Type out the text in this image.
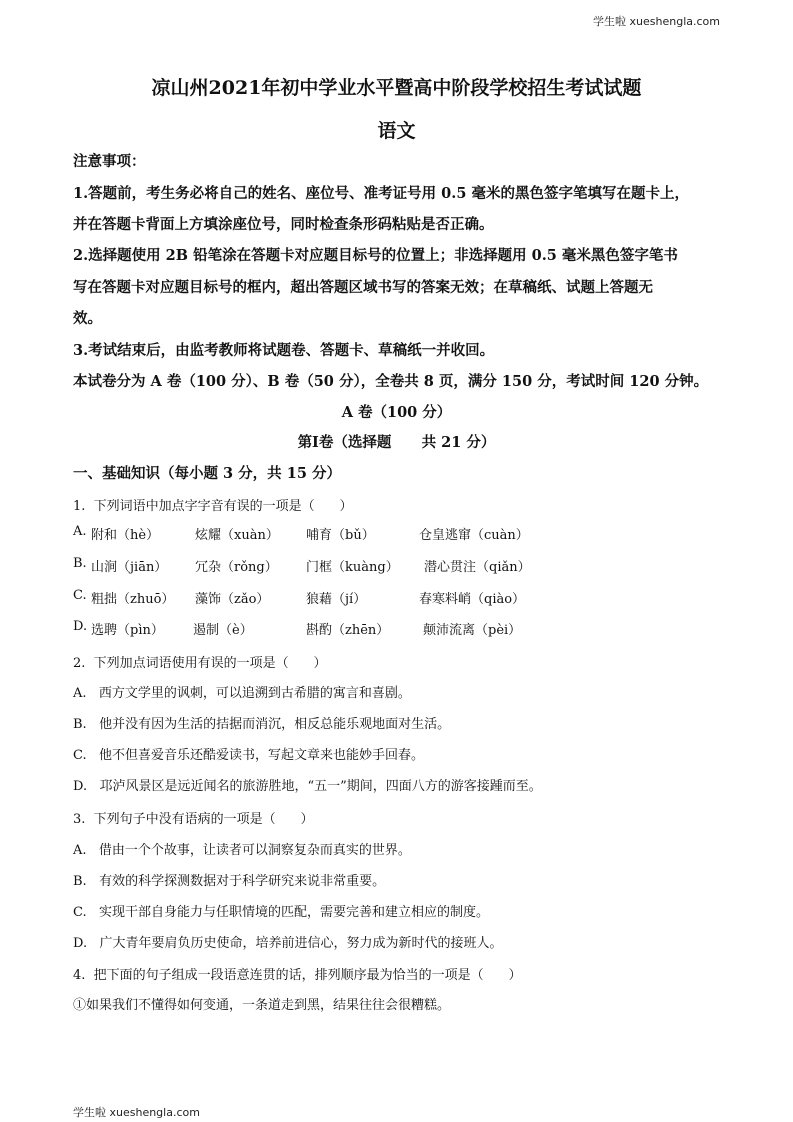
学生啦 xueshengla.com
学生啦 xueshengla.com
凉山州2021年初中学业水平暨高中阶段学校招生考试试题
语文
注意事项：
1.答题前，考生务必将自己的姓名、座位号、准考证号用 0.5 毫米的黑色签字笔填写在题卡上，
并在答题卡背面上方填涂座位号，同时检查条形码粘贴是否正确。
2.选择题使用 2B 铅笔涂在答题卡对应题目标号的位置上；非选择题用 0.5 毫米黑色签字笔书
写在答题卡对应题目标号的框内，超出答题区域书写的答案无效；在草稿纸、试题上答题无
效。
3.考试结束后，由监考教师将试题卷、答题卡、草稿纸一并收回。
本试卷分为 A 卷（100 分）、B 卷（50 分），全卷共 8 页，满分 150 分，考试时间 120 分钟。
A 卷（100 分）
第Ⅰ卷（选择题      共 21 分）
一、基础知识（每小题 3 分，共 15 分）
1.  下列词语中加点字字音有误的一项是（      ）
A. 附和（hè）	炫耀（xuàn） 哺育（bǔ）	仓皇逃窜（cuàn）
B. 山涧（jiān） 冗杂（rǒng） 门框（kuàng） 潜心贯注（qiǎn）
C. 粗拙（zhuō） 藻饰（zǎo）	狼藉（jí）	春寒料峭（qiào）
D. 选聘（pìn） 遏制（è）	斟酌（zhēn）	颠沛流离（pèi）
2.  下列加点词语使用有误的一项是（      ）
A.   西方文学里的讽刺，可以追溯到古希腊的寓言和喜剧。
B.   他并没有因为生活的拮据而消沉，相反总能乐观地面对生活。
C.   他不但喜爱音乐还酷爱读书，写起文章来也能妙手回春。
D.   邛泸风景区是远近闻名的旅游胜地，“五一”期间，四面八方的游客接踵而至。
3.  下列句子中没有语病的一项是（      ）
A.   借由一个个故事，让读者可以洞察复杂而真实的世界。
B.   有效的科学探测数据对于科学研究来说非常重要。
C.   实现干部自身能力与任职情境的匹配，需要完善和建立相应的制度。
D.   广大青年要肩负历史使命，培养前进信心，努力成为新时代的接班人。
4.  把下面的句子组成一段语意连贯的话，排列顺序最为恰当的一项是（      ）
①如果我们不懂得如何变通，一条道走到黑，结果往往会很糟糕。
